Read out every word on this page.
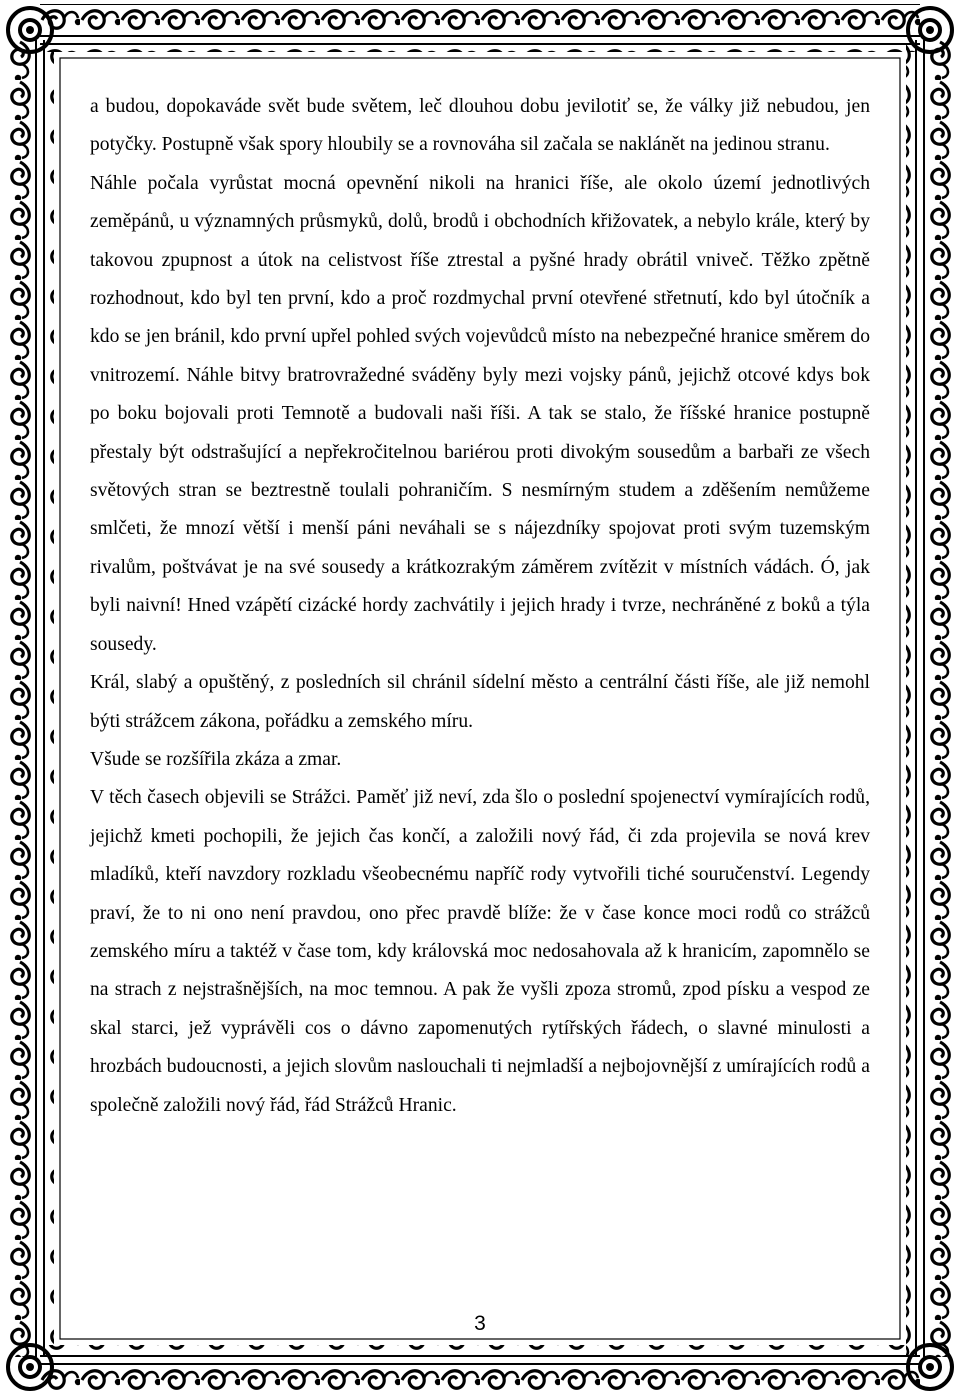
a budou, dopokavádе svět bude světem, leč dlouhou dobu jevilotiť se, že války již nebudou, jen potyčky. Postupně však spory hloubily se a rovnováha sil začala se naklánět na jedinou stranu.

Náhle počala vyrůstat mocná opevnění nikoli na hranici říše, ale okolo území jednotlivých zeměpánů, u významných průsmyků, dolů, brodů i obchodních křižovatek, a nebylo krále, který by takovou zpupnost a útok na celistvost říše ztrestal a pyšné hrady obrátil vniveč. Těžko zpětně rozhodnout, kdo byl ten první, kdo a proč rozdmychal první otevřené střetnutí, kdo byl útočník a kdo se jen bránil, kdo první upřel pohled svých vojevůdců místo na nebezpečné hranice směrem do vnitrozemí. Náhle bitvy bratrovražedné sváděny byly mezi vojsky pánů, jejichž otcové kdys bok po boku bojovali proti Temnotě a budovali naši říši. A tak se stalo, že říšské hranice postupně přestaly být odstrašující a nepřekročitelnou bariérou proti divokým sousedům a barbaři ze všech světových stran se beztrestně toulali pohraničím. S nesmírným studem a zděšením nemůžeme smlčeti, že mnozí větší i menší páni neváhali se s nájezdníky spojovat proti svým tuzemským rivalům, poštvávat je na své sousedy a krátkozrakým záměrem zvítězit v místních vádách. Ó, jak byli naivní! Hned vzápětí cizácké hordy zachvátily i jejich hrady i tvrze, nechráněné z boků a týla sousedy.

Král, slabý a opuštěný, z posledních sil chránil sídelní město a centrální části říše, ale již nemohl býti strážcem zákona, pořádku a zemského míru.

Všude se rozšířila zkáza a zmar.

V těch časech objevili se Strážci. Paměť již neví, zda šlo o poslední spojenectví vymírajících rodů, jejichž kmeti pochopili, že jejich čas končí, a založili nový řád, či zda projevila se nová krev mladíků, kteří navzdory rozkladu všeobecnému napříč rody vytvořili tiché souručenství. Legendy praví, že to ni ono není pravdou, ono přec pravdě blíže: že v čase konce moci rodů co strážců zemského míru a taktéž v čase tom, kdy královská moc nedosahovala až k hranicím, zapomnělo se na strach z nejstrašnějších, na moc temnou. A pak že vyšli zpoza stromů, zpod písku a vespod ze skal starci, jež vyprávěli cos o dávno zapomenutých rytířských řádech, o slavné minulosti a hrozbách budoucnosti, a jejich slovům naslouchali ti nejmladší a nejbojovnější z umírajících rodů a společně založili nový řád, řád Strážců Hranic.

3
